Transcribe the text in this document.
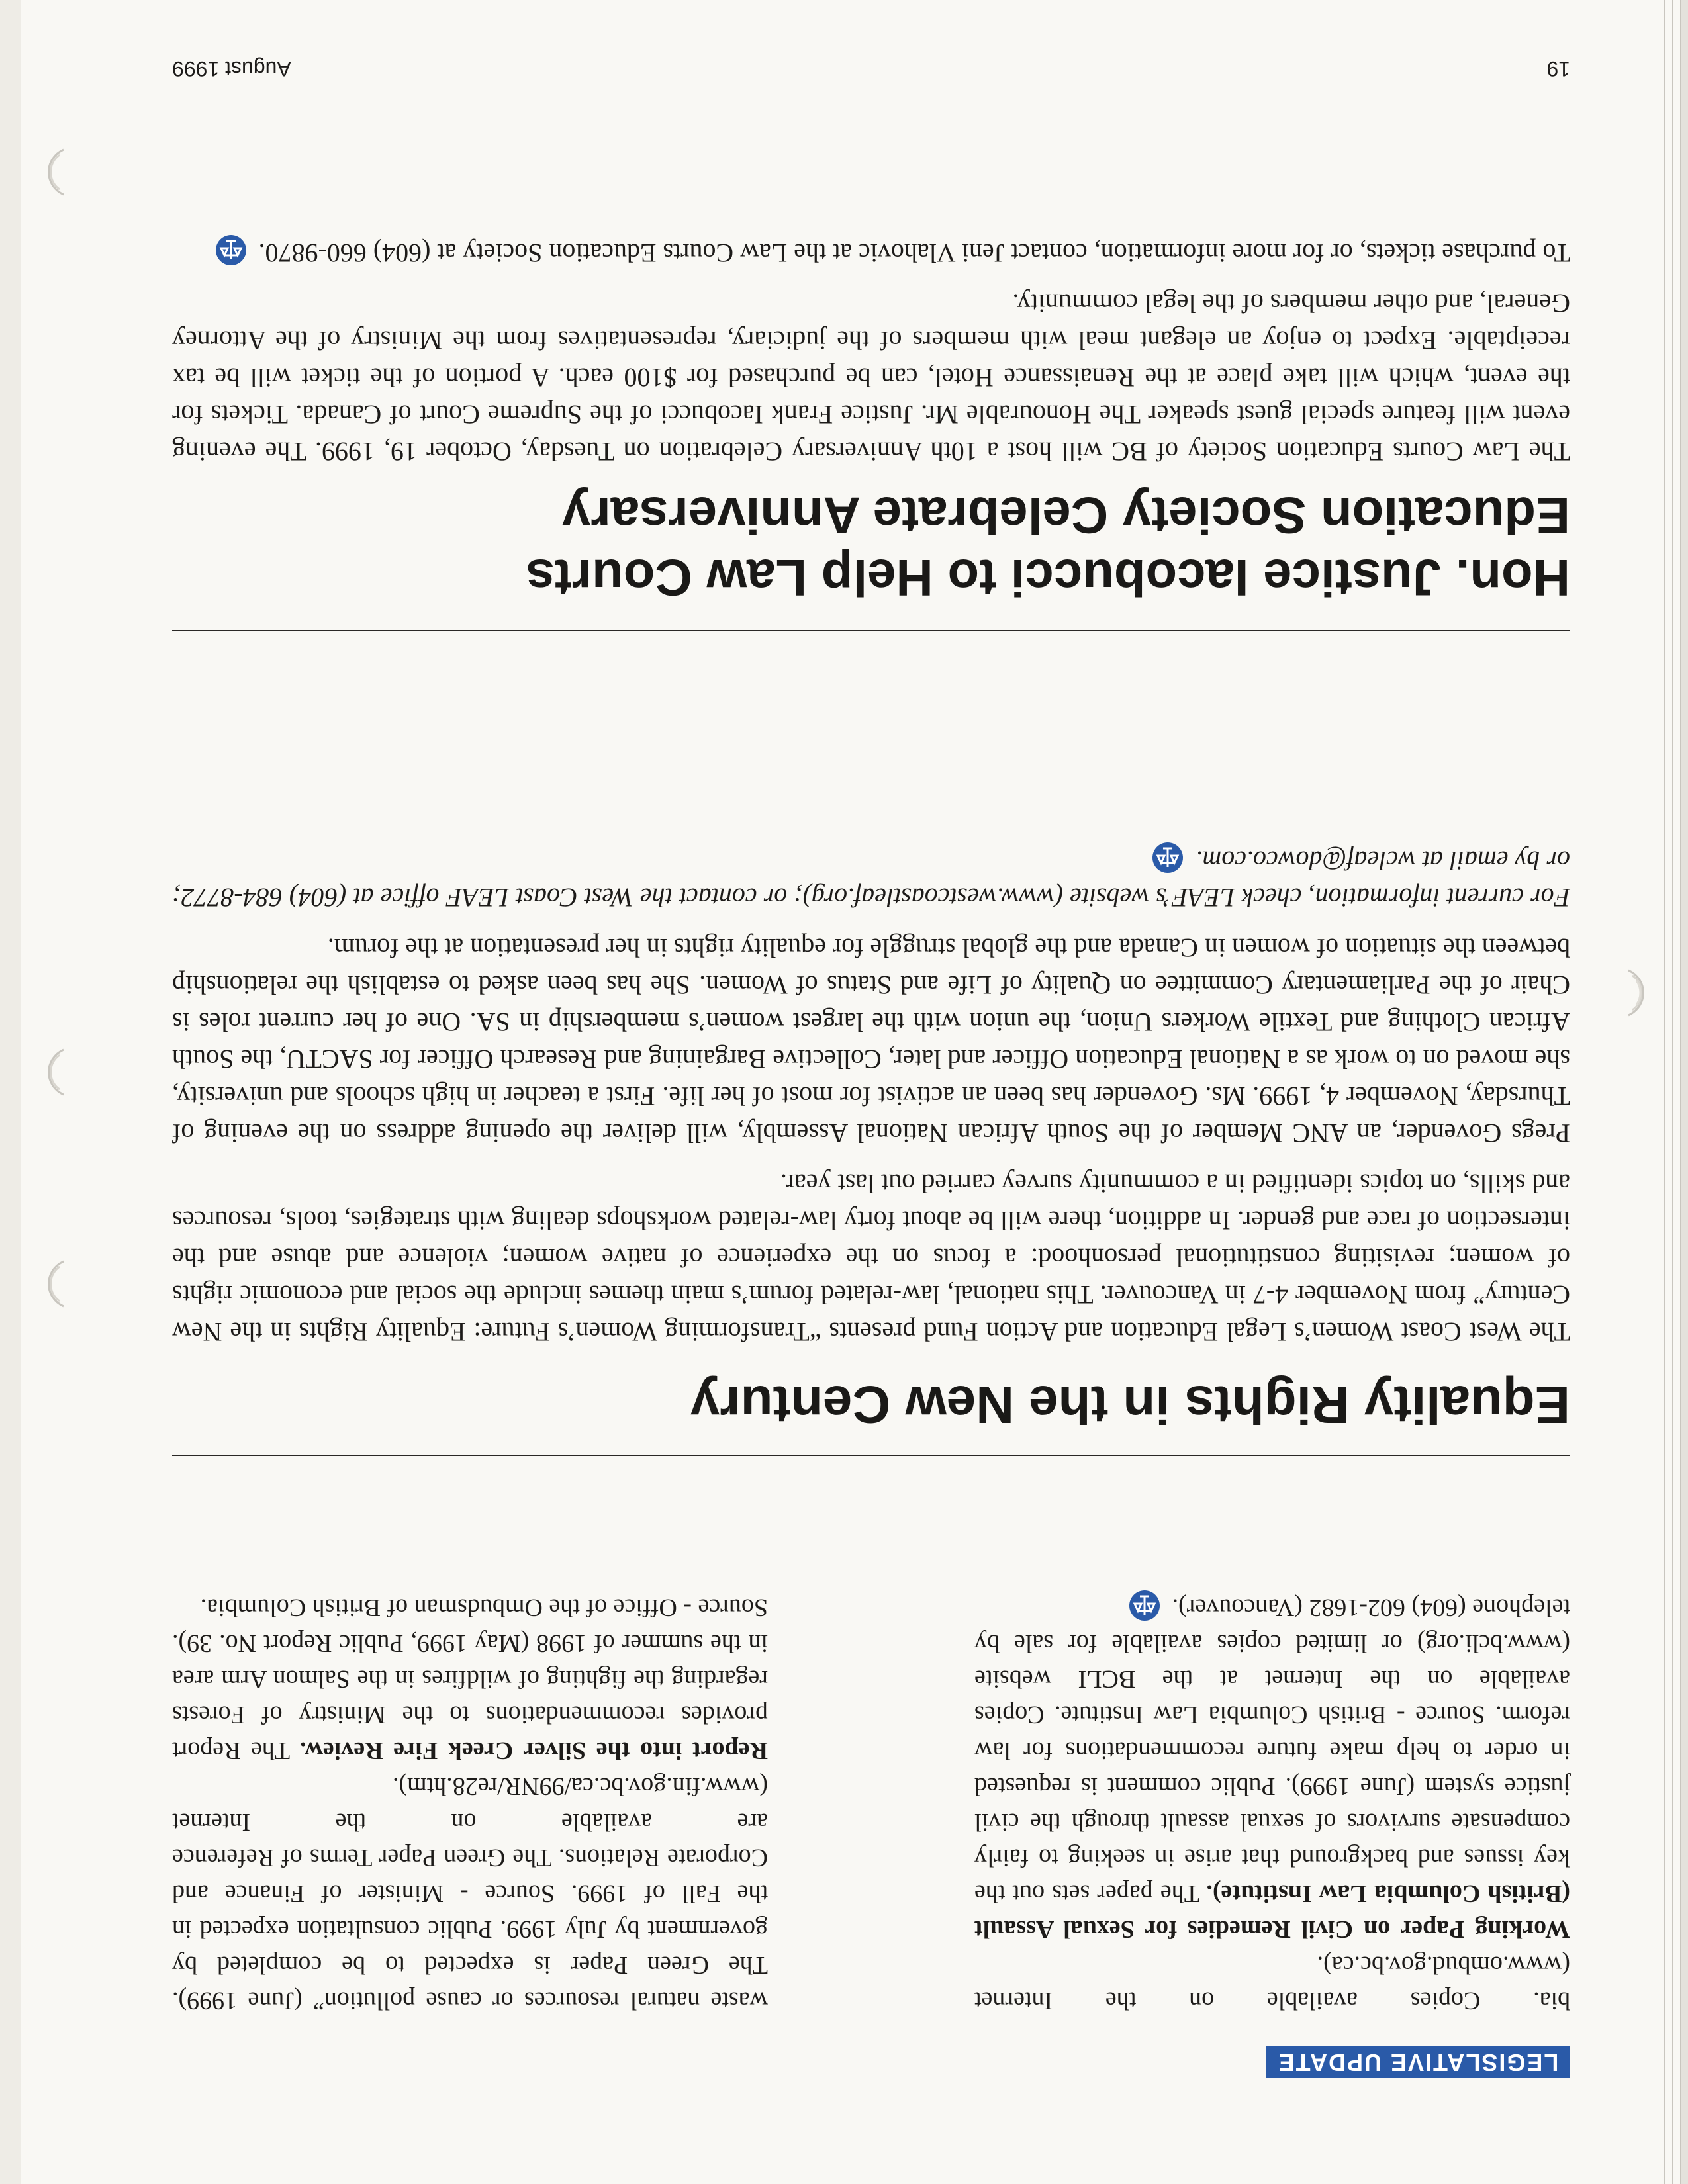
LEGISLATIVE UPDATE

bia. Copies available on the Internet (www.ombud.gov.bc.ca).

Working Paper on Civil Remedies for Sexual Assault (British Columbia Law Institute). The paper sets out the key issues and background that arise in seeking to fairly compensate survivors of sexual assault through the civil justice system (June 1999). Public comment is requested in order to help make future recommendations for law reform. Source - British Columbia Law Institute. Copies available on the Internet at the BCLI website (www.bcli.org) or limited copies available for sale by telephone (604) 602-1682 (Vancouver).

waste natural resources or cause pollution” (June 1999). The Green Paper is expected to be completed by government by July 1999. Public consultation expected in the Fall of 1999. Source - Minister of Finance and Corporate Relations. The Green Paper Terms of Reference are available on the Internet (www.fin.gov.bc.ca/99NR/re28.htm).

Report into the Silver Creek Fire Review. The Report provides recommendations to the Ministry of Forests regarding the fighting of wildfires in the Salmon Arm area in the summer of 1998 (May 1999, Public Report No. 39). Source - Office of the Ombudsman of British Columbia.

Equality Rights in the New Century

The West Coast Women’s Legal Education and Action Fund presents “Transforming Women’s Future: Equality Rights in the New Century” from November 4-7 in Vancouver. This national, law-related forum’s main themes include the social and economic rights of women; revisiting constitutional personhood: a focus on the experience of native women; violence and abuse and the intersection of race and gender. In addition, there will be about forty law-related workshops dealing with strategies, tools, resources and skills, on topics identified in a community survey carried out last year.

Pregs Govender, an ANC Member of the South African National Assembly, will deliver the opening address on the evening of Thursday, November 4, 1999. Ms. Govender has been an activist for most of her life. First a teacher in high schools and university, she moved on to work as a National Education Officer and later, Collective Bargaining and Research Officer for SACTU, the South African Clothing and Textile Workers Union, the union with the largest women’s membership in SA. One of her current roles is Chair of the Parliamentary Committee on Quality of Life and Status of Women. She has been asked to establish the relationship between the situation of women in Canada and the global struggle for equality rights in her presentation at the forum.

For current information, check LEAF’s website (www.westcoastleaf.org); or contact the West Coast LEAF office at (604) 684-8772; or by email at wcleaf@dowco.com.

Hon. Justice Iacobucci to Help Law Courts
Education Society Celebrate Anniversary

The Law Courts Education Society of BC will host a 10th Anniversary Celebration on Tuesday, October 19, 1999. The evening event will feature special guest speaker The Honourable Mr. Justice Frank Iacobucci of the Supreme Court of Canada. Tickets for the event, which will take place at the Renaissance Hotel, can be purchased for $100 each. A portion of the ticket will be tax receiptable. Expect to enjoy an elegant meal with members of the judiciary, representatives from the Ministry of the Attorney General, and other members of the legal community.

To purchase tickets, or for more information, contact Jeni Vlahovic at the Law Courts Education Society at (604) 660-9870.

August 1999	19
